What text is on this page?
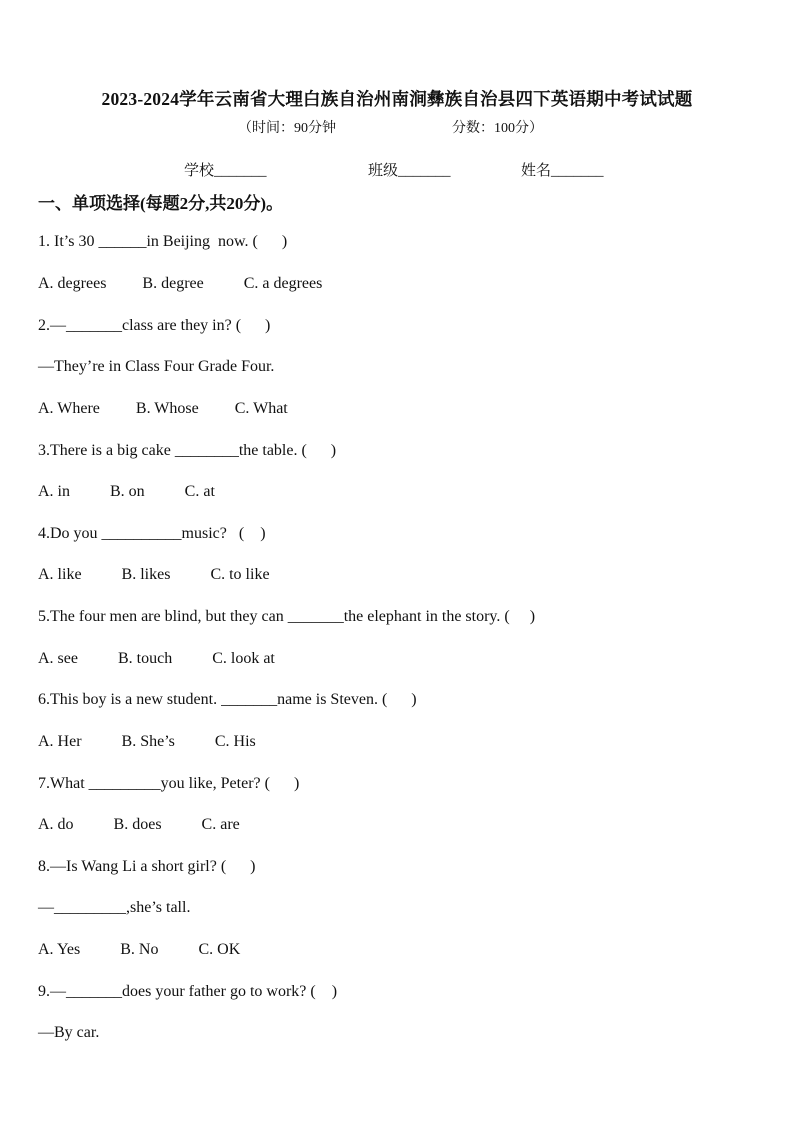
2023-2024学年云南省大理白族自治州南涧彝族自治县四下英语期中考试试题
（时间：90分钟	分数：100分）
学校_______	班级_______	姓名_______
一、单项选择(每题2分,共20分)。
1. It’s 30 ______in Beijing  now. (      )
A. degrees         B. degree          C. a degrees
2.—_______class are they in? (      )
—They’re in Class Four Grade Four.
A. Where         B. Whose         C. What
3.There is a big cake ________the table. (      )
A. in          B. on          C. at
4.Do you __________music?   (    )
A. like          B. likes          C. to like
5.The four men are blind, but they can _______the elephant in the story. (     )
A. see          B. touch          C. look at
6.This boy is a new student. _______name is Steven. (      )
A. Her          B. She’s          C. His
7.What _________you like, Peter? (      )
A. do          B. does          C. are
8.—Is Wang Li a short girl? (      )
—_________,she’s tall.
A. Yes          B. No          C. OK
9.—_______does your father go to work? (    )
—By car.
